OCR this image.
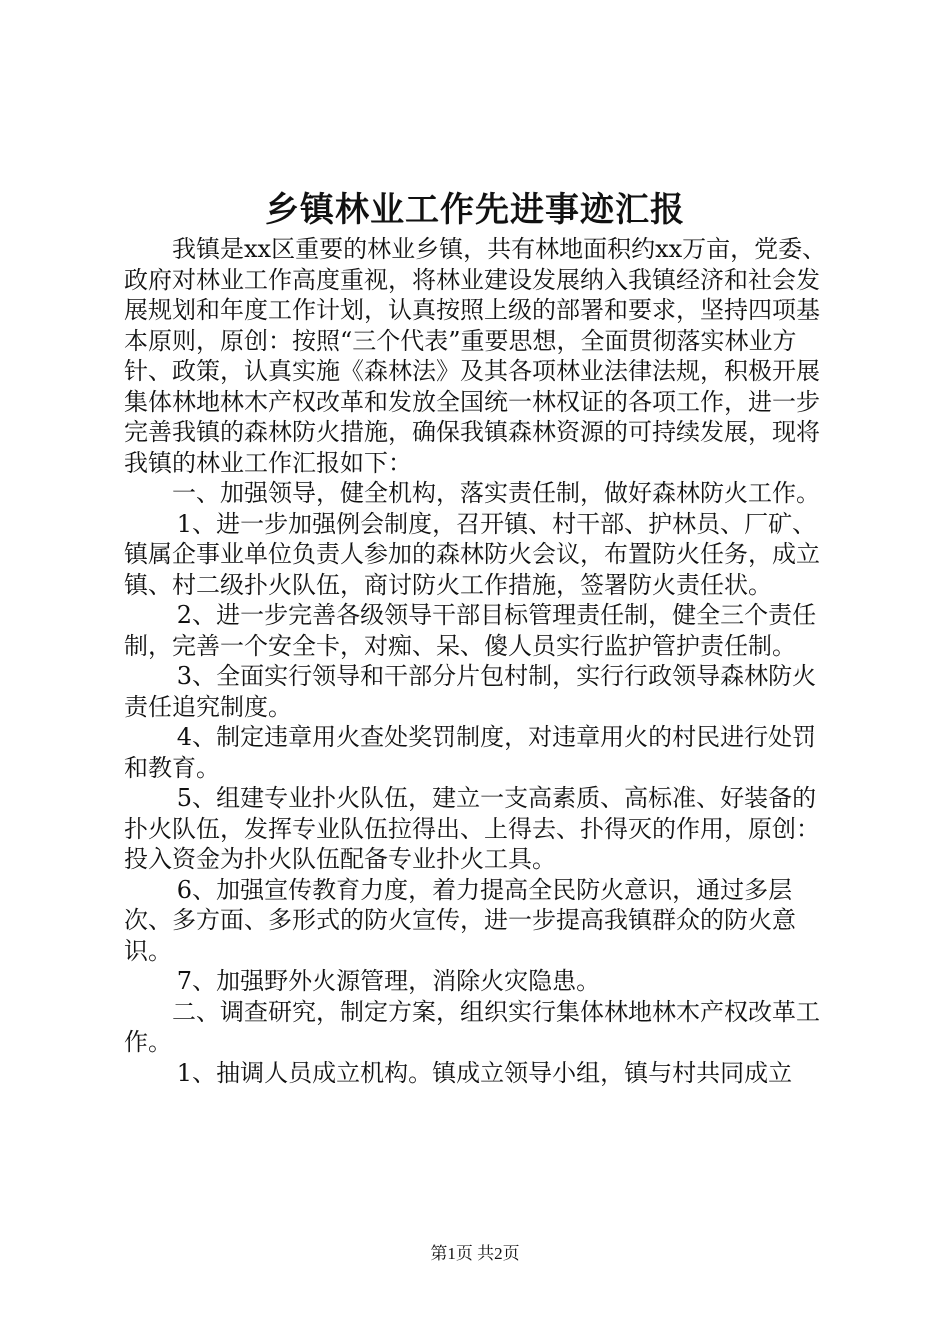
乡镇林业工作先进事迹汇报

我镇是xx区重要的林业乡镇，共有林地面积约xx万亩，党委、政府对林业工作高度重视，将林业建设发展纳入我镇经济和社会发展规划和年度工作计划，认真按照上级的部署和要求，坚持四项基本原则，原创：按照“三个代表”重要思想，全面贯彻落实林业方针、政策，认真实施《森林法》及其各项林业法律法规，积极开展集体林地林木产权改革和发放全国统一林权证的各项工作，进一步完善我镇的森林防火措施，确保我镇森林资源的可持续发展，现将我镇的林业工作汇报如下：

一、加强领导，健全机构，落实责任制，做好森林防火工作。

1、进一步加强例会制度，召开镇、村干部、护林员、厂矿、镇属企事业单位负责人参加的森林防火会议，布置防火任务，成立镇、村二级扑火队伍，商讨防火工作措施，签署防火责任状。

2、进一步完善各级领导干部目标管理责任制，健全三个责任制，完善一个安全卡，对痴、呆、傻人员实行监护管护责任制。

3、全面实行领导和干部分片包村制，实行行政领导森林防火责任追究制度。

4、制定违章用火查处奖罚制度，对违章用火的村民进行处罚和教育。

5、组建专业扑火队伍，建立一支高素质、高标准、好装备的扑火队伍，发挥专业队伍拉得出、上得去、扑得灭的作用，原创：投入资金为扑火队伍配备专业扑火工具。

6、加强宣传教育力度，着力提高全民防火意识，通过多层次、多方面、多形式的防火宣传，进一步提高我镇群众的防火意识。

7、加强野外火源管理，消除火灾隐患。

二、调查研究，制定方案，组织实行集体林地林木产权改革工作。

1、抽调人员成立机构。镇成立领导小组，镇与村共同成立

第1页 共2页
